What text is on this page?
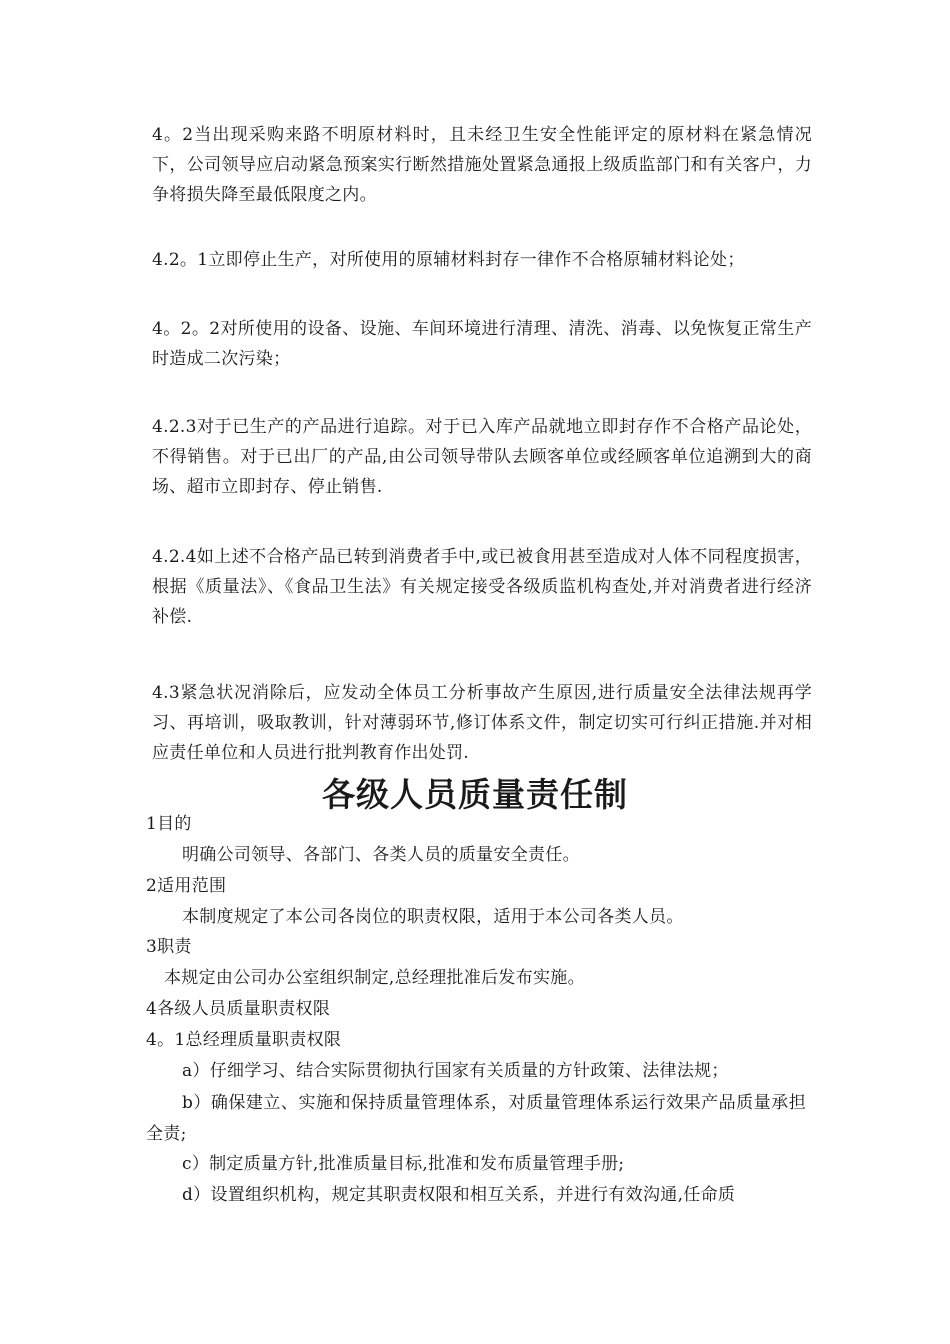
4。2当出现采购来路不明原材料时，且未经卫生安全性能评定的原材料在紧急情况下，公司领导应启动紧急预案实行断然措施处置紧急通报上级质监部门和有关客户，力争将损失降至最低限度之内。

4.2。1立即停止生产，对所使用的原辅材料封存一律作不合格原辅材料论处；

4。2。2对所使用的设备、设施、车间环境进行清理、清洗、消毒、以免恢复正常生产时造成二次污染；

4.2.3对于已生产的产品进行追踪。对于已入库产品就地立即封存作不合格产品论处，不得销售。对于已出厂的产品,由公司领导带队去顾客单位或经顾客单位追溯到大的商场、超市立即封存、停止销售.

4.2.4如上述不合格产品已转到消费者手中,或已被食用甚至造成对人体不同程度损害，根据《质量法》、《食品卫生法》有关规定接受各级质监机构查处,并对消费者进行经济补偿.

4.3紧急状况消除后，应发动全体员工分析事故产生原因,进行质量安全法律法规再学习、再培训，吸取教训，针对薄弱环节,修订体系文件，制定切实可行纠正措施.并对相应责任单位和人员进行批判教育作出处罚.

各级人员质量责任制

1目的

明确公司领导、各部门、各类人员的质量安全责任。

2适用范围

本制度规定了本公司各岗位的职责权限，适用于本公司各类人员。

3职责

本规定由公司办公室组织制定,总经理批准后发布实施。

4各级人员质量职责权限

4。1总经理质量职责权限

a）仔细学习、结合实际贯彻执行国家有关质量的方针政策、法律法规；

b）确保建立、实施和保持质量管理体系，对质量管理体系运行效果产品质量承担全责;

c）制定质量方针,批准质量目标,批准和发布质量管理手册;

d）设置组织机构，规定其职责权限和相互关系，并进行有效沟通,任命质
